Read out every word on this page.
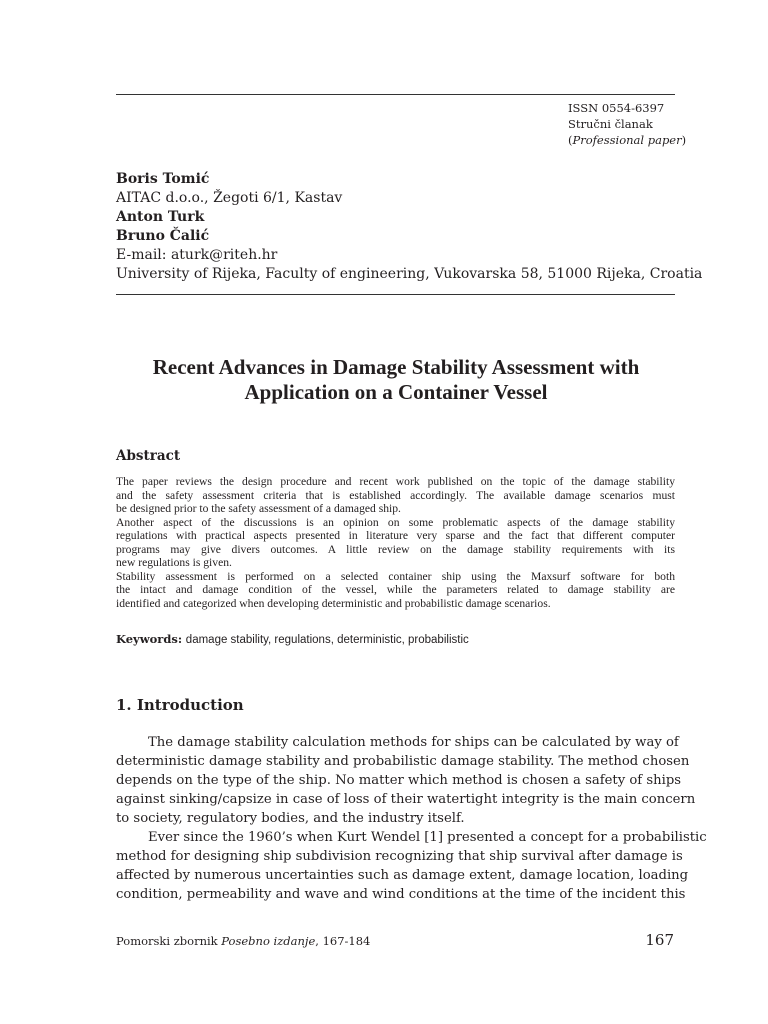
ISSN 0554-6397
Stručni članak
(Professional paper)
Boris Tomić
AITAC d.o.o., Žegoti 6/1, Kastav
Anton Turk
Bruno Čalić
E-mail: aturk@riteh.hr
University of Rijeka, Faculty of engineering, Vukovarska 58, 51000 Rijeka, Croatia
Recent Advances in Damage Stability Assessment with
Application on a Container Vessel
Abstract
The paper reviews the design procedure and recent work published on the topic of the damage stability
and the safety assessment criteria that is established accordingly. The available damage scenarios must
be designed prior to the safety assessment of a damaged ship.
Another aspect of the discussions is an opinion on some problematic aspects of the damage stability
regulations with practical aspects presented in literature very sparse and the fact that different computer
programs may give divers outcomes. A little review on the damage stability requirements with its
new regulations is given.
Stability assessment is performed on a selected container ship using the Maxsurf software for both
the intact and damage condition of the vessel, while the parameters related to damage stability are
identified and categorized when developing deterministic and probabilistic damage scenarios.
Keywords: damage stability, regulations, deterministic, probabilistic
1. Introduction
The damage stability calculation methods for ships can be calculated by way of
deterministic damage stability and probabilistic damage stability. The method chosen
depends on the type of the ship. No matter which method is chosen a safety of ships
against sinking/capsize in case of loss of their watertight integrity is the main concern
to society, regulatory bodies, and the industry itself.
Ever since the 1960’s when Kurt Wendel [1] presented a concept for a probabilistic
method for designing ship subdivision recognizing that ship survival after damage is
affected by numerous uncertainties such as damage extent, damage location, loading
condition, permeability and wave and wind conditions at the time of the incident this
Pomorski zbornik Posebno izdanje, 167-184	167
